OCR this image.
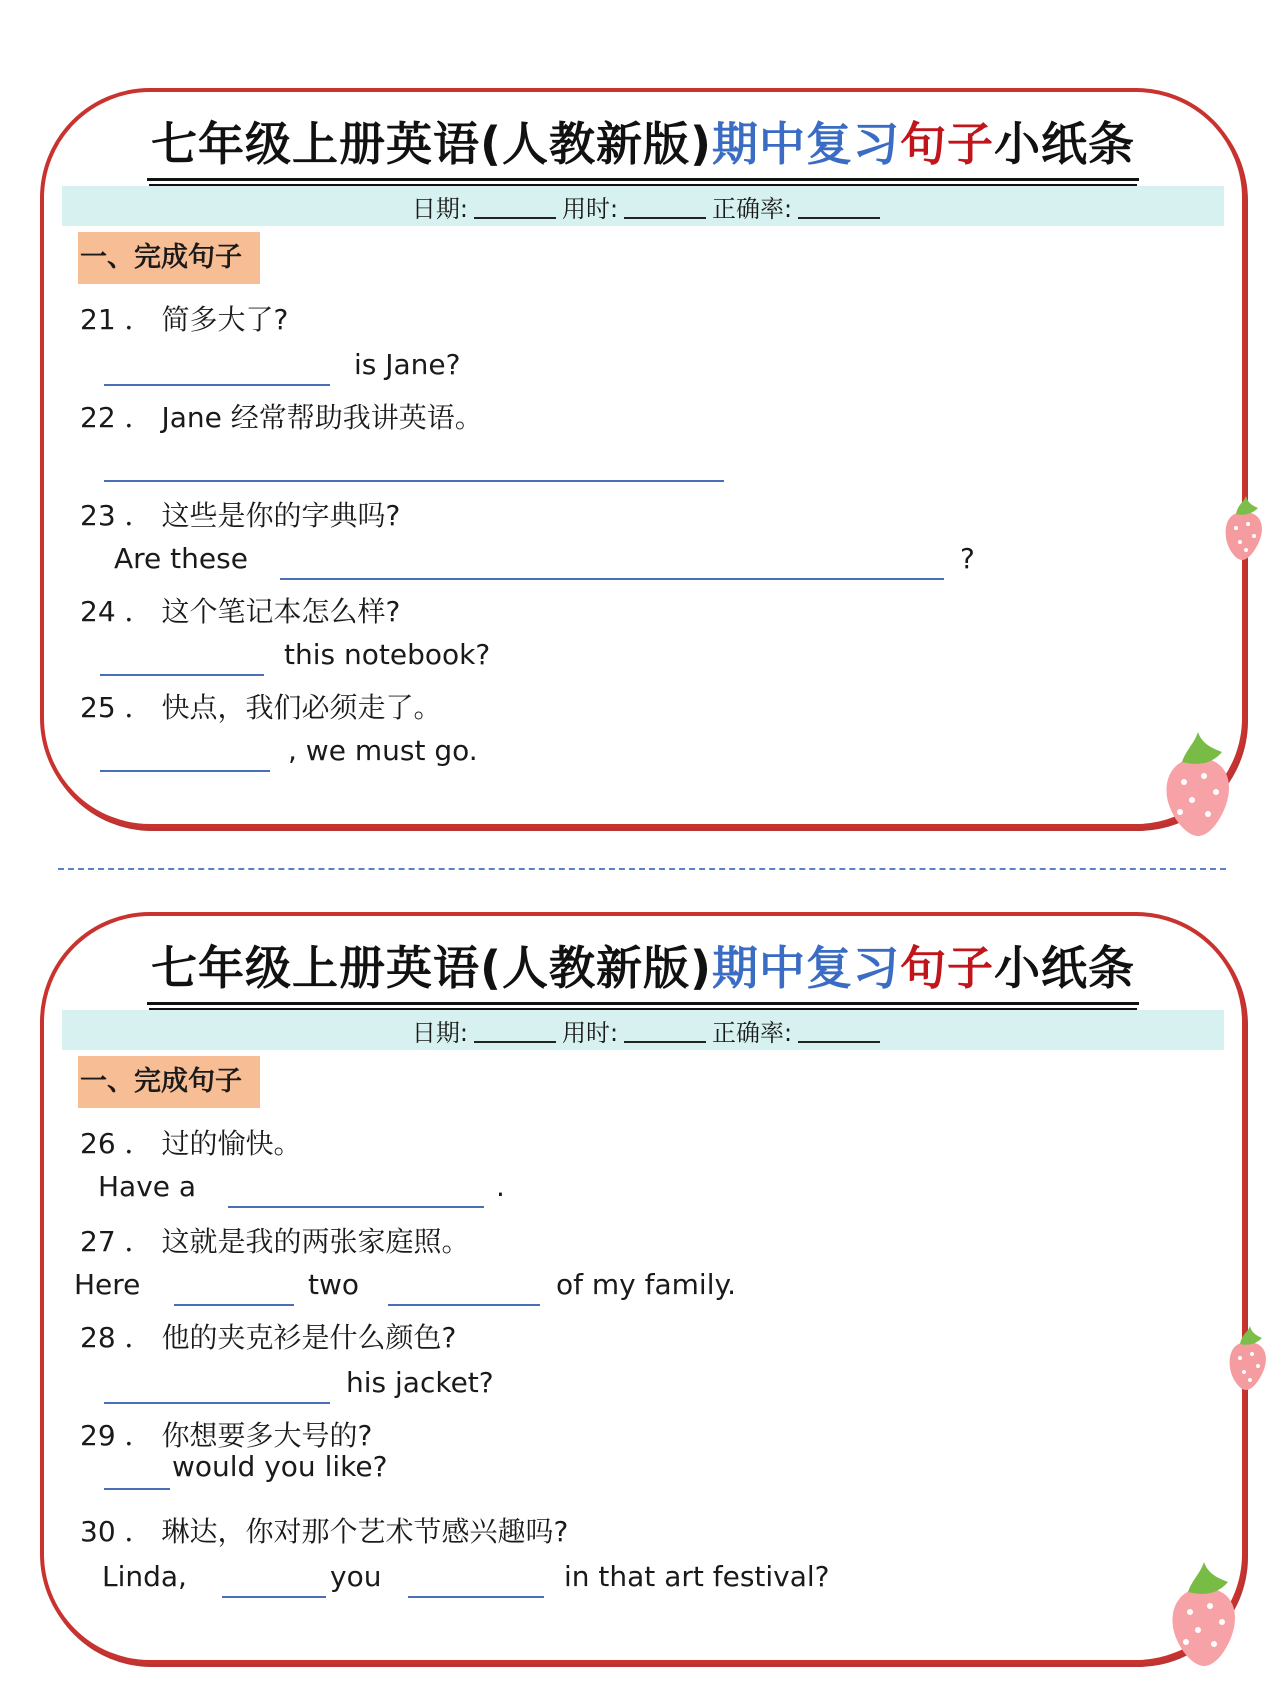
七年级上册英语(人教新版)期中复习句子小纸条
日期:	用时:	正确率:
一、完成句子
21 ． 简多大了?
is Jane?
22 ． Jane 经常帮助我讲英语。
23 ． 这些是你的字典吗?
Are these	?
24 ． 这个笔记本怎么样?
this notebook?
25 ． 快点，我们必须走了。
, we must go.
七年级上册英语(人教新版)期中复习句子小纸条
日期:	用时:	正确率:
一、完成句子
26 ． 过的愉快。
Have a	.
27 ． 这就是我的两张家庭照。
Here	two	of my family.
28 ． 他的夹克衫是什么颜色?
his jacket?
29 ． 你想要多大号的?
would you like?
30 ． 琳达，你对那个艺术节感兴趣吗?
Linda,	you	in that art festival?
